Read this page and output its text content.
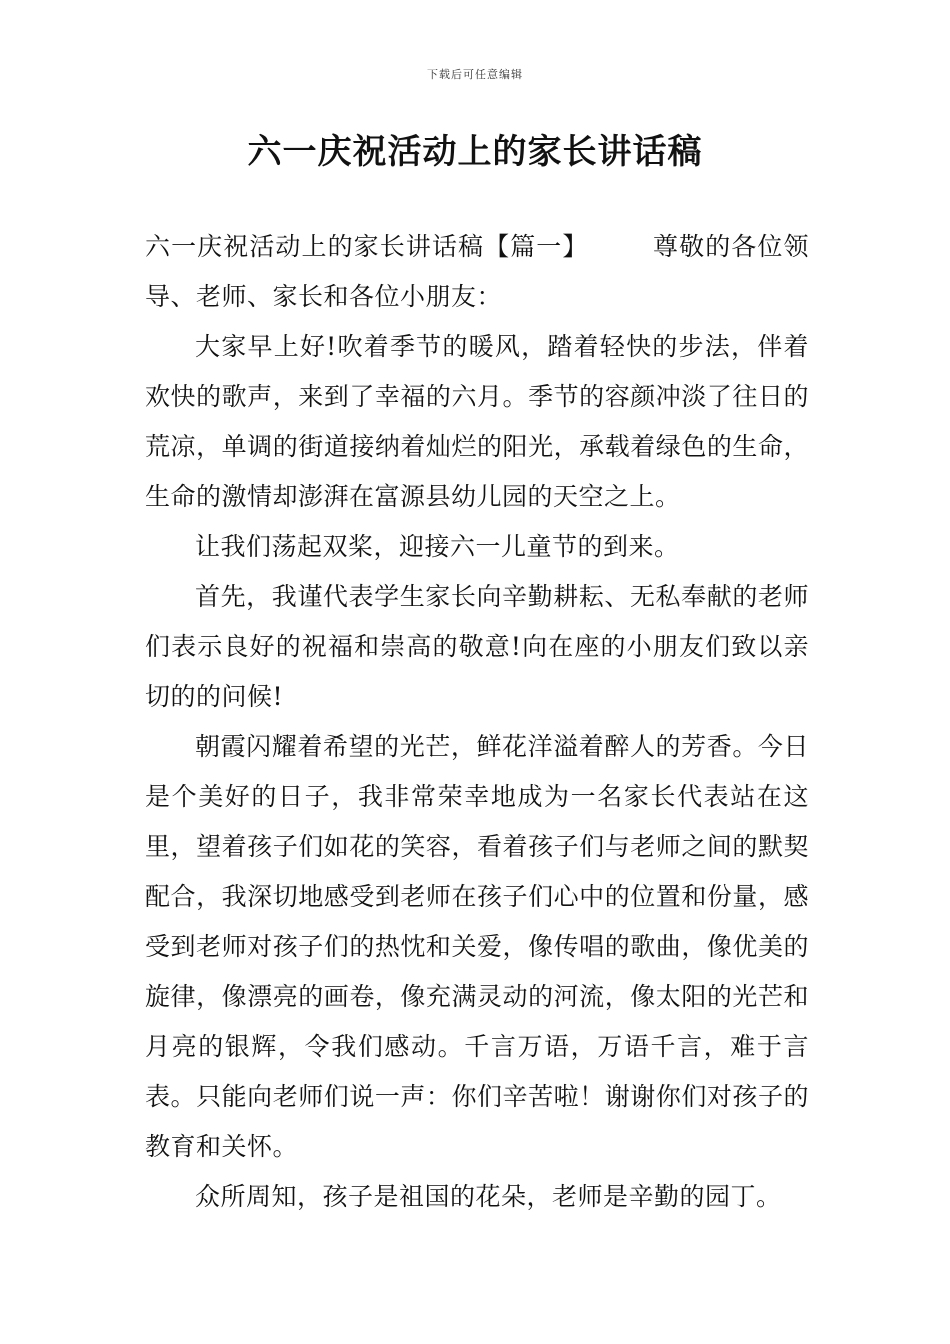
下载后可任意编辑
六一庆祝活动上的家长讲话稿

六一庆祝活动上的家长讲话稿【篇一】	尊敬的各位领导、老师、家长和各位小朋友：

大家早上好!吹着季节的暖风，踏着轻快的步法，伴着欢快的歌声，来到了幸福的六月。季节的容颜冲淡了往日的荒凉，单调的街道接纳着灿烂的阳光，承载着绿色的生命，生命的激情却澎湃在富源县幼儿园的天空之上。

让我们荡起双桨，迎接六一儿童节的到来。

首先，我谨代表学生家长向辛勤耕耘、无私奉献的老师们表示良好的祝福和崇高的敬意!向在座的小朋友们致以亲切的的问候!

朝霞闪耀着希望的光芒，鲜花洋溢着醉人的芳香。今日是个美好的日子，我非常荣幸地成为一名家长代表站在这里，望着孩子们如花的笑容，看着孩子们与老师之间的默契配合，我深切地感受到老师在孩子们心中的位置和份量，感受到老师对孩子们的热忱和关爱，像传唱的歌曲，像优美的旋律，像漂亮的画卷，像充满灵动的河流，像太阳的光芒和月亮的银辉，令我们感动。千言万语，万语千言，难于言表。只能向老师们说一声：你们辛苦啦！谢谢你们对孩子的教育和关怀。

众所周知，孩子是祖国的花朵，老师是辛勤的园丁。
